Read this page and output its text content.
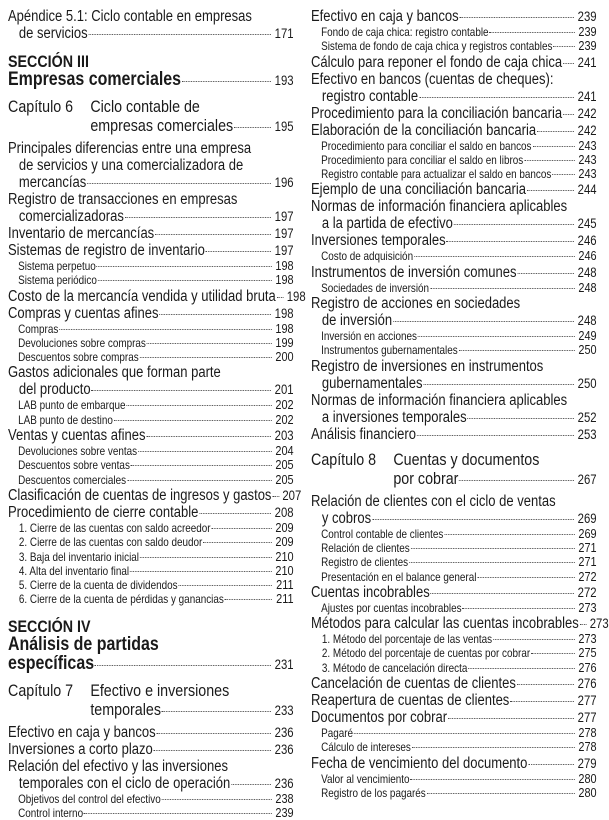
Apéndice 5.1: Ciclo contable en empresas
de servicios	171
SECCIÓN III
Empresas comerciales	193
Capítulo 6 Ciclo contable de
empresas comerciales	195
Principales diferencias entre una empresa
de servicios y una comercializadora de
mercancías	196
Registro de transacciones en empresas
comercializadoras	197
Inventario de mercancías	197
Sistemas de registro de inventario	197
Sistema perpetuo	198
Sistema periódico	198
Costo de la mercancía vendida y utilidad bruta 198
Compras y cuentas afines	198
Compras	198
Devoluciones sobre compras	199
Descuentos sobre compras	200
Gastos adicionales que forman parte
del producto	201
LAB punto de embarque	202
LAB punto de destino	202
Ventas y cuentas afines	203
Devoluciones sobre ventas	204
Descuentos sobre ventas	205
Descuentos comerciales	205
Clasificación de cuentas de ingresos y gastos 207
Procedimiento de cierre contable	208
1. Cierre de las cuentas con saldo acreedor	209
2. Cierre de las cuentas con saldo deudor	209
3. Baja del inventario inicial	210
4. Alta del inventario final	210
5. Cierre de la cuenta de dividendos	211
6. Cierre de la cuenta de pérdidas y ganancias	211
SECCIÓN IV
Análisis de partidas
específicas	231
Capítulo 7 Efectivo e inversiones
temporales	233
Efectivo en caja y bancos	236
Inversiones a corto plazo	236
Relación del efectivo y las inversiones
temporales con el ciclo de operación	236
Objetivos del control del efectivo	238
Control interno	239
Efectivo en caja y bancos	239
Fondo de caja chica: registro contable	239
Sistema de fondo de caja chica y registros contables 239
Cálculo para reponer el fondo de caja chica 241
Efectivo en bancos (cuentas de cheques):
registro contable	241
Procedimiento para la conciliación bancaria 242
Elaboración de la conciliación bancaria	242
Procedimiento para conciliar el saldo en bancos	243
Procedimiento para conciliar el saldo en libros	243
Registro contable para actualizar el saldo en bancos 243
Ejemplo de una conciliación bancaria	244
Normas de información financiera aplicables
a la partida de efectivo	245
Inversiones temporales	246
Costo de adquisición	246
Instrumentos de inversión comunes	248
Sociedades de inversión	248
Registro de acciones en sociedades
de inversión	248
Inversión en acciones	249
Instrumentos gubernamentales	250
Registro de inversiones en instrumentos
gubernamentales	250
Normas de información financiera aplicables
a inversiones temporales	252
Análisis financiero	253
Capítulo 8 Cuentas y documentos
por cobrar	267
Relación de clientes con el ciclo de ventas
y cobros	269
Control contable de clientes	269
Relación de clientes	271
Registro de clientes	271
Presentación en el balance general	272
Cuentas incobrables	272
Ajustes por cuentas incobrables	273
Métodos para calcular las cuentas incobrables 273
1. Método del porcentaje de las ventas	273
2. Método del porcentaje de cuentas por cobrar	275
3. Método de cancelación directa	276
Cancelación de cuentas de clientes	276
Reapertura de cuentas de clientes	277
Documentos por cobrar	277
Pagaré	278
Cálculo de intereses	278
Fecha de vencimiento del documento	279
Valor al vencimiento	280
Registro de los pagarés	280
